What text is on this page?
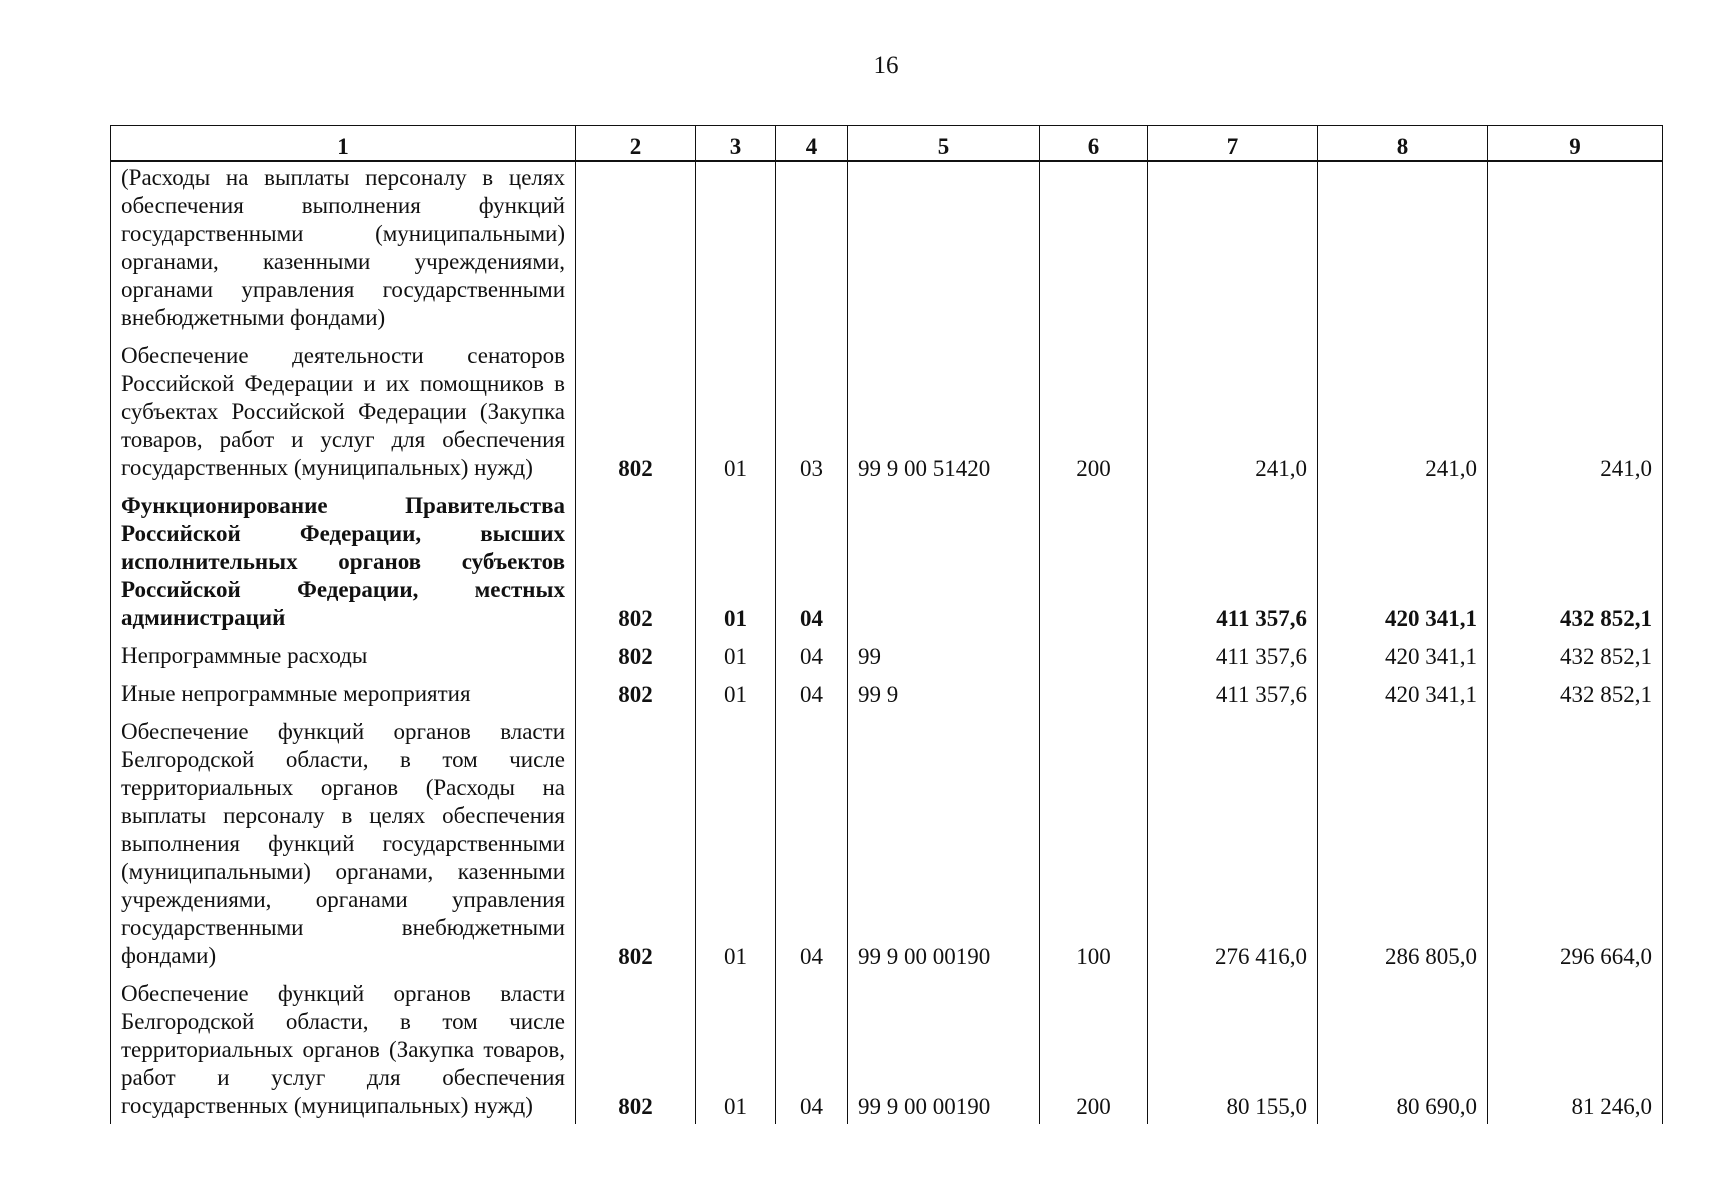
16
1	2	3	4	5	6	7	8	9
(Расходы на выплаты персоналу в целях обеспечения выполнения функций государственными (муниципальными) органами, казенными учреждениями, органами управления государственными внебюджетными фондами)								
Обеспечение деятельности сенаторов Российской Федерации и их помощников в субъектах Российской Федерации (Закупка товаров, работ и услуг для обеспечения государственных (муниципальных) нужд)	802	01	03	99 9 00 51420	200	241,0	241,0	241,0
Функционирование Правительства Российской Федерации, высших исполнительных органов субъектов Российской Федерации, местных администраций	802	01	04			411 357,6	420 341,1	432 852,1
Непрограммные расходы	802	01	04	99		411 357,6	420 341,1	432 852,1
Иные непрограммные мероприятия	802	01	04	99 9		411 357,6	420 341,1	432 852,1
Обеспечение функций органов власти Белгородской области, в том числе территориальных органов (Расходы на выплаты персоналу в целях обеспечения выполнения функций государственными (муниципальными) органами, казенными учреждениями, органами управления государственными внебюджетными фондами)	802	01	04	99 9 00 00190	100	276 416,0	286 805,0	296 664,0
Обеспечение функций органов власти Белгородской области, в том числе территориальных органов (Закупка товаров, работ и услуг для обеспечения государственных (муниципальных) нужд)	802	01	04	99 9 00 00190	200	80 155,0	80 690,0	81 246,0
